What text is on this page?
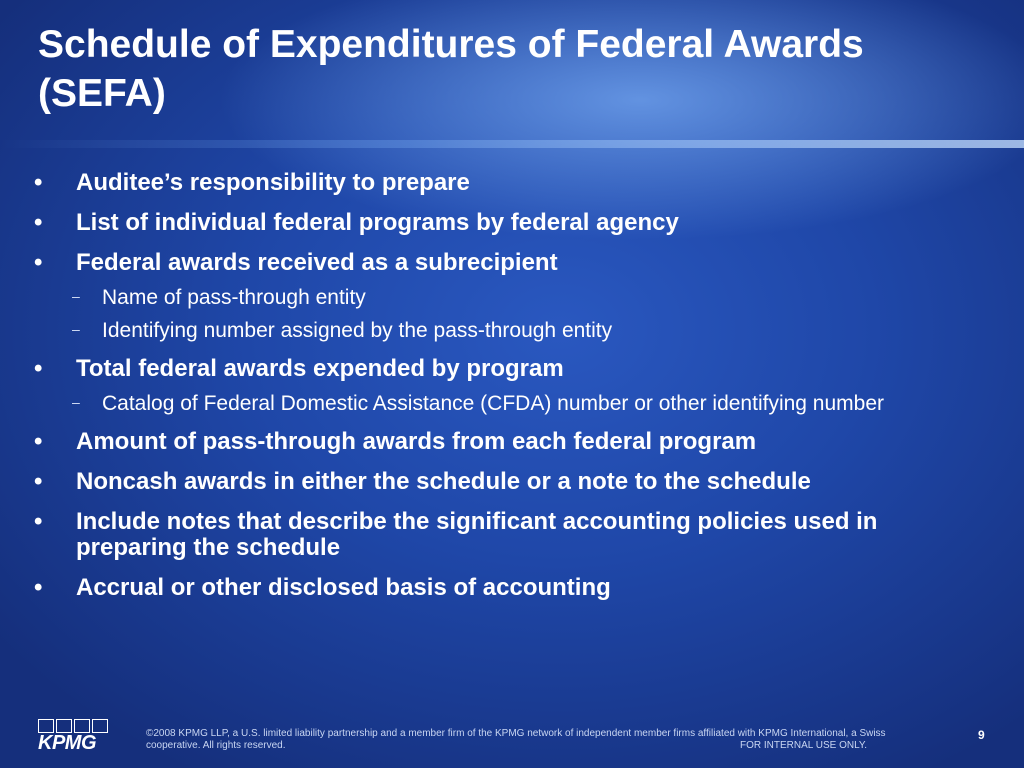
Schedule of Expenditures of Federal Awards (SEFA)
• Auditee’s responsibility to prepare
• List of individual federal programs by federal agency
• Federal awards received as a subrecipient
– Name of pass-through entity
– Identifying number assigned by the pass-through entity
• Total federal awards expended by program
– Catalog of Federal Domestic Assistance (CFDA) number or other identifying number
• Amount of pass-through awards from each federal program
• Noncash awards in either the schedule or a note to the schedule
• Include notes that describe the significant accounting policies used in preparing the schedule
• Accrual or other disclosed basis of accounting
KPMG	©2008 KPMG LLP, a U.S. limited liability partnership and a member firm of the KPMG network of independent member firms affiliated with KPMG International, a Swiss cooperative. All rights reserved.	FOR INTERNAL USE ONLY.
9
